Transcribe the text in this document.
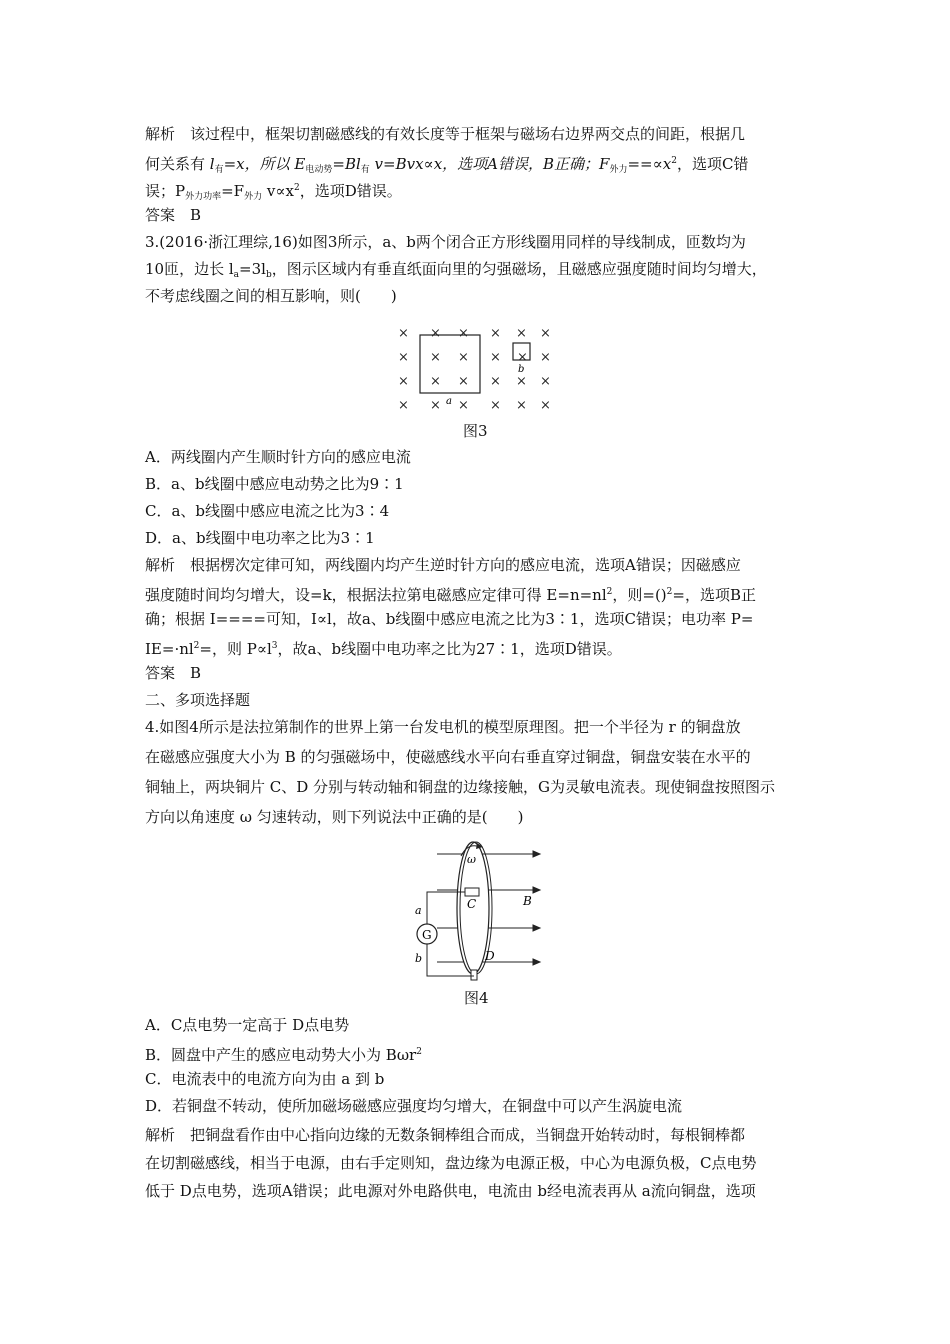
解析　该过程中，框架切割磁感线的有效长度等于框架与磁场右边界两交点的间距，根据几
何关系有 $l_有=x$，所以 $E_{电动势}=Bl_有$ v=Bvx∝x，选项A错误，B正确；$F_{外力}==\propto x^2$，选项C错
误；$P_{外力功率}=F_{外力}$ $v\propto x^2$，选项D错误。
答案　B
3.(2016·浙江理综,16)如图3所示，a、b两个闭合正方形线圈用同样的导线制成，匝数均为
10匝，边长 $l_a=3l_b$，图示区域内有垂直纸面向里的匀强磁场，且磁感应强度随时间均匀增大，
不考虑线圈之间的相互影响，则(　　)
× × × × × ×
× × × × × ×
× × × × × ×
× × × × × ×
a
b
图3
A．两线圈内产生顺时针方向的感应电流
B．a、b线圈中感应电动势之比为9∶1
C．a、b线圈中感应电流之比为3∶4
D．a、b线圈中电功率之比为3∶1
解析　根据楞次定律可知，两线圈内均产生逆时针方向的感应电流，选项A错误；因磁感应
强度随时间均匀增大，设=k，根据法拉第电磁感应定律可得 $E=n=nl^2$，则=()$^2$=，选项B正
确；根据 I====可知，I∝l，故a、b线圈中感应电流之比为3∶1，选项C错误；电功率 P=
$IE=\cdot nl^2=$，则 $P\propto l^3$，故a、b线圈中电功率之比为27∶1，选项D错误。
答案　B
二、多项选择题
4.如图4所示是法拉第制作的世界上第一台发电机的模型原理图。把一个半径为 r 的铜盘放
在磁感应强度大小为 B 的匀强磁场中，使磁感线水平向右垂直穿过铜盘，铜盘安装在水平的
铜轴上，两块铜片 C、D 分别与转动轴和铜盘的边缘接触，G为灵敏电流表。现使铜盘按照图示
方向以角速度 ω 匀速转动，则下列说法中正确的是(　　)
ω
C
D
B
G
a
b
图4
A．C点电势一定高于 D点电势
B．圆盘中产生的感应电动势大小为 Bωr$^2$
C．电流表中的电流方向为由 a 到 b
D．若铜盘不转动，使所加磁场磁感应强度均匀增大，在铜盘中可以产生涡旋电流
解析　把铜盘看作由中心指向边缘的无数条铜棒组合而成，当铜盘开始转动时，每根铜棒都
在切割磁感线，相当于电源，由右手定则知，盘边缘为电源正极，中心为电源负极，C点电势
低于 D点电势，选项A错误；此电源对外电路供电，电流由 b经电流表再从 a流向铜盘，选项
